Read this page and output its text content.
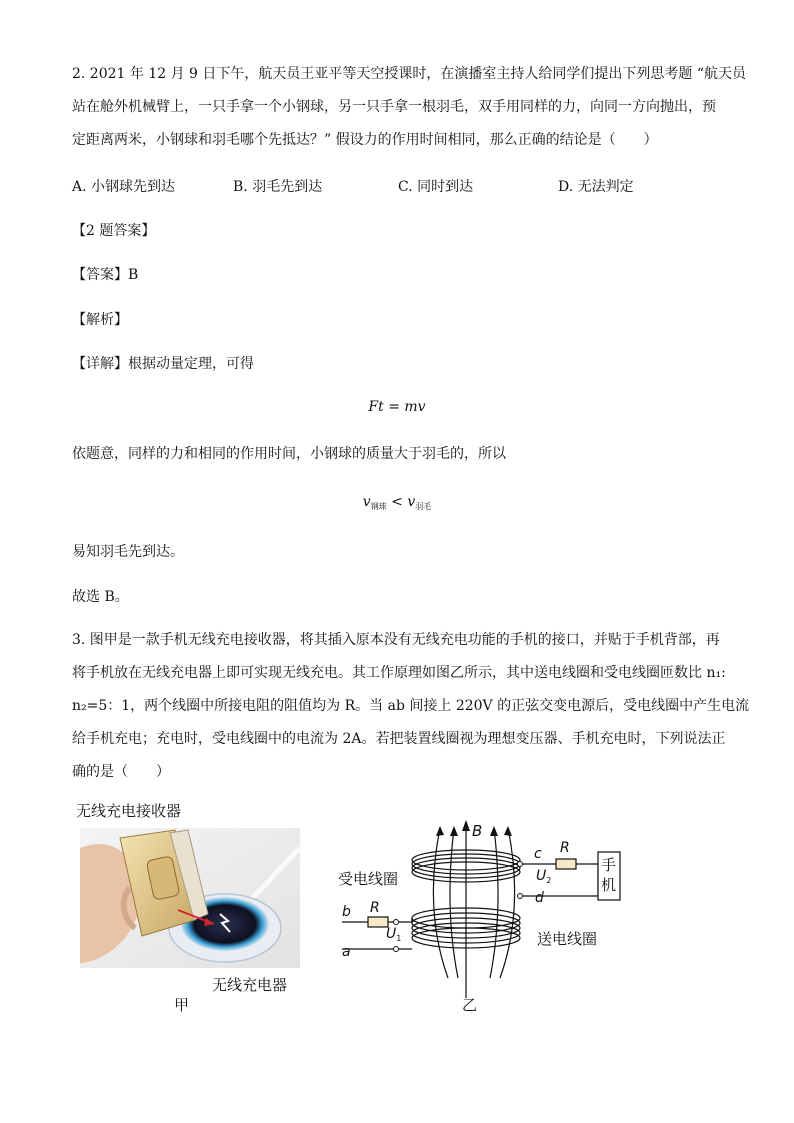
2. 2021 年 12 月 9 日下午，航天员王亚平等天空授课时，在演播室主持人给同学们提出下列思考题 “航天员
站在舱外机械臂上，一只手拿一个小钢球，另一只手拿一根羽毛，双手用同样的力，向同一方向抛出，预
定距离两米，小钢球和羽毛哪个先抵达？” 假设力的作用时间相同，那么正确的结论是（　　）
A. 小钢球先到达	B. 羽毛先到达	C. 同时到达	D. 无法判定
【2 题答案】
【答案】B
【解析】
【详解】根据动量定理，可得
Ft = mv
依题意，同样的力和相同的作用时间，小钢球的质量大于羽毛的，所以
$v_{钢球} < v_{羽毛}$
易知羽毛先到达。
故选 B。
3. 图甲是一款手机无线充电接收器，将其插入原本没有无线充电功能的手机的接口，并贴于手机背部，再
将手机放在无线充电器上即可实现无线充电。其工作原理如图乙所示，其中送电线圈和受电线圈匝数比 n₁:
n₂=5：1，两个线圈中所接电阻的阻值均为 R。当 ab 间接上 220V 的正弦交变电源后，受电线圈中产生电流
给手机充电；充电时，受电线圈中的电流为 2A。若把装置线圈视为理想变压器、手机充电时，下列说法正
确的是（　　）
无线充电接收器
无线充电器
甲
B
受电线圈
送电线圈
c
d
R
$U_2$
手
机
b R
$U_1$
a
乙
